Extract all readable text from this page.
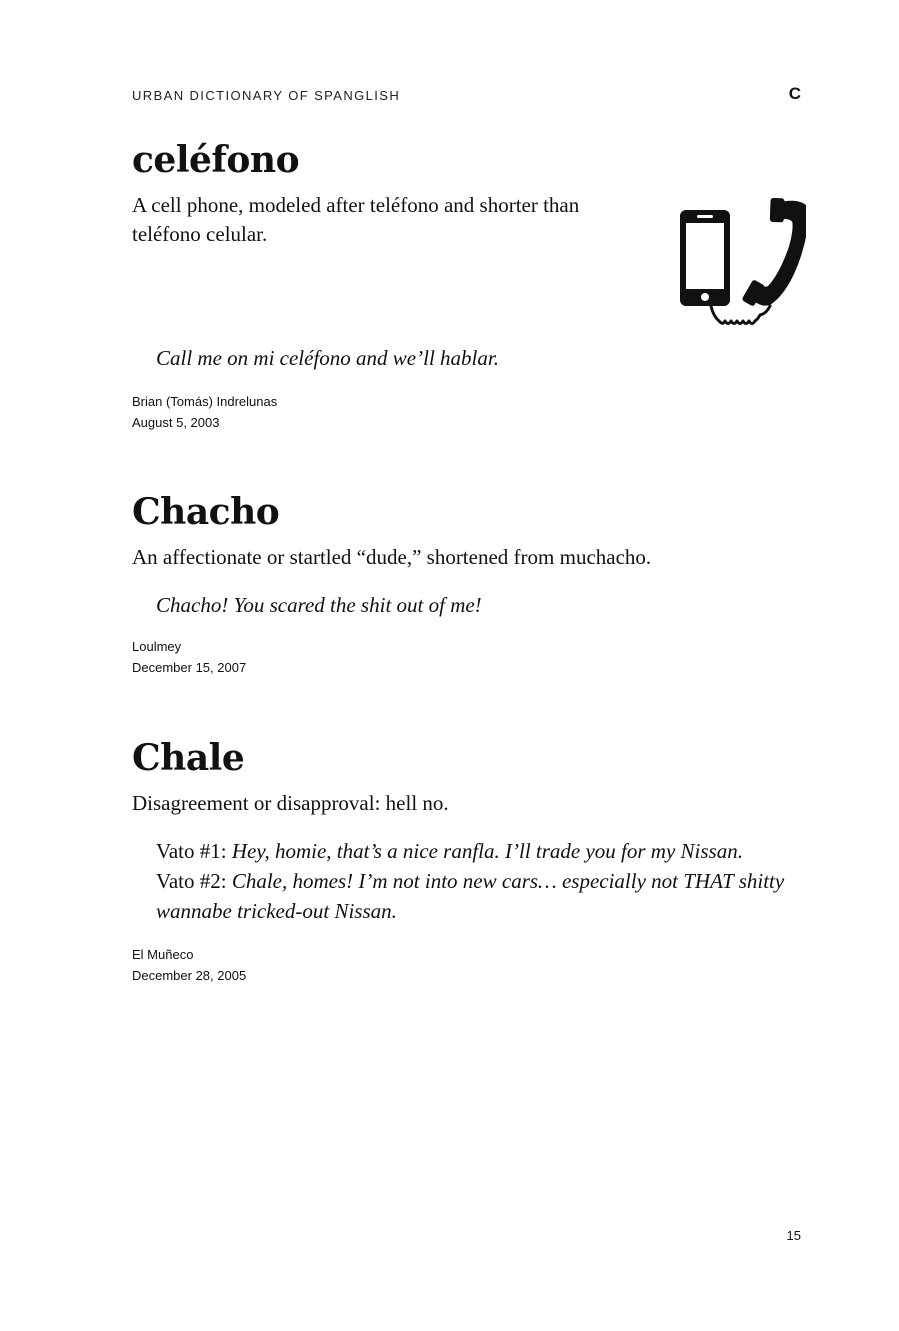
URBAN DICTIONARY OF SPANGLISH	C
celéfono

A cell phone, modeled after teléfono and shorter than teléfono celular.

Call me on mi celéfono and we’ll hablar.

Brian (Tomás) Indrelunas

August 5, 2003

Chacho

An affectionate or startled “dude,” shortened from muchacho.

Chacho! You scared the shit out of me!

Loulmey

December 15, 2007

Chale

Disagreement or disapproval: hell no.

Vato #1: Hey, homie, that’s a nice ranfla. I’ll trade you for my Nissan.
Vato #2: Chale, homes! I’m not into new cars… especially not THAT shitty wannabe tricked-out Nissan.

El Muñeco

December 28, 2005

15
